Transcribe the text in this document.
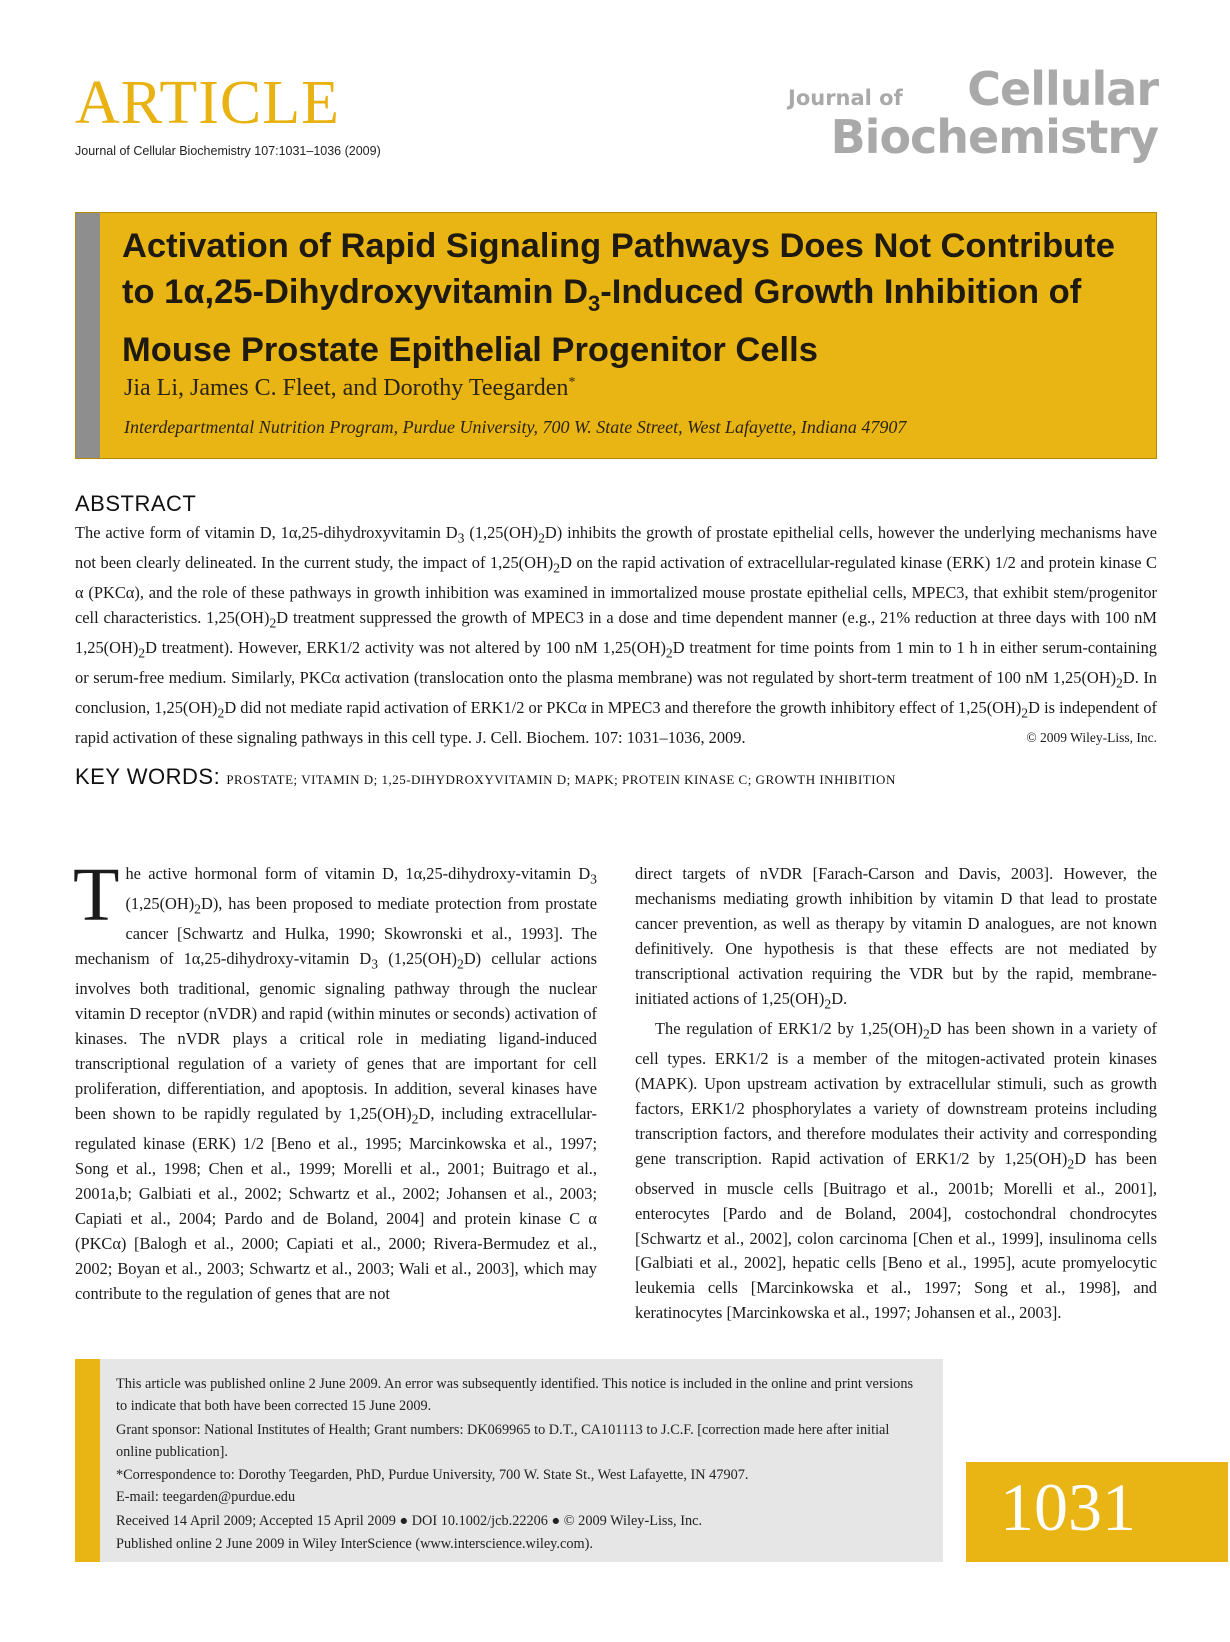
ARTICLE
Journal of Cellular Biochemistry 107:1031–1036 (2009)
Journal of Cellular
Biochemistry
Activation of Rapid Signaling Pathways Does Not Contribute
to 1α,25-Dihydroxyvitamin $D_3$-Induced Growth Inhibition of
Mouse Prostate Epithelial Progenitor Cells
Jia Li, James C. Fleet, and Dorothy Teegarden*
Interdepartmental Nutrition Program, Purdue University, 700 W. State Street, West Lafayette, Indiana 47907
ABSTRACT
The active form of vitamin D, 1α,25-dihydroxyvitamin $D_3$ $(1,25(OH)_2D)$ inhibits the growth of prostate epithelial cells, however the underlying mechanisms have not been clearly delineated. In the current study, the impact of $1,25(OH)_2D$ on the rapid activation of extracellular-regulated kinase (ERK) 1/2 and protein kinase C α (PKCα), and the role of these pathways in growth inhibition was examined in immortalized mouse prostate epithelial cells, MPEC3, that exhibit stem/progenitor cell characteristics. $1,25(OH)_2D$ treatment suppressed the growth of MPEC3 in a dose and time dependent manner (e.g., 21% reduction at three days with 100 nM $1,25(OH)_2D$ treatment). However, ERK1/2 activity was not altered by 100 nM $1,25(OH)_2D$ treatment for time points from 1 min to 1 h in either serum-containing or serum-free medium. Similarly, PKCα activation (translocation onto the plasma membrane) was not regulated by short-term treatment of 100 nM $1,25(OH)_2D$. In conclusion, $1,25(OH)_2D$ did not mediate rapid activation of ERK1/2 or PKCα in MPEC3 and therefore the growth inhibitory effect of $1,25(OH)_2D$ is independent of rapid activation of these signaling pathways in this cell type. J. Cell. Biochem. 107: 1031–1036, 2009.	© 2009 Wiley-Liss, Inc.
KEY WORDS: PROSTATE; VITAMIN D; 1,25-DIHYDROXYVITAMIN D; MAPK; PROTEIN KINASE C; GROWTH INHIBITION

The active hormonal form of vitamin D, 1α,25-dihydroxy-vitamin $D_3$ $(1,25(OH)_2D)$, has been proposed to mediate protection from prostate cancer [Schwartz and Hulka, 1990; Skowronski et al., 1993]. The mechanism of 1α,25-dihydroxy-vitamin $D_3$ $(1,25(OH)_2D)$ cellular actions involves both traditional, genomic signaling pathway through the nuclear vitamin D receptor (nVDR) and rapid (within minutes or seconds) activation of kinases. The nVDR plays a critical role in mediating ligand-induced transcriptional regulation of a variety of genes that are important for cell proliferation, differentiation, and apoptosis. In addition, several kinases have been shown to be rapidly regulated by $1,25(OH)_2D$, including extracellular-regulated kinase (ERK) 1/2 [Beno et al., 1995; Marcinkowska et al., 1997; Song et al., 1998; Chen et al., 1999; Morelli et al., 2001; Buitrago et al., 2001a,b; Galbiati et al., 2002; Schwartz et al., 2002; Johansen et al., 2003; Capiati et al., 2004; Pardo and de Boland, 2004] and protein kinase C α (PKCα) [Balogh et al., 2000; Capiati et al., 2000; Rivera-Bermudez et al., 2002; Boyan et al., 2003; Schwartz et al., 2003; Wali et al., 2003], which may contribute to the regulation of genes that are not

direct targets of nVDR [Farach-Carson and Davis, 2003]. However, the mechanisms mediating growth inhibition by vitamin D that lead to prostate cancer prevention, as well as therapy by vitamin D analogues, are not known definitively. One hypothesis is that these effects are not mediated by transcriptional activation requiring the VDR but by the rapid, membrane-initiated actions of $1,25(OH)_2D$.

The regulation of ERK1/2 by $1,25(OH)_2D$ has been shown in a variety of cell types. ERK1/2 is a member of the mitogen-activated protein kinases (MAPK). Upon upstream activation by extracellular stimuli, such as growth factors, ERK1/2 phosphorylates a variety of downstream proteins including transcription factors, and therefore modulates their activity and corresponding gene transcription. Rapid activation of ERK1/2 by $1,25(OH)_2D$ has been observed in muscle cells [Buitrago et al., 2001b; Morelli et al., 2001], enterocytes [Pardo and de Boland, 2004], costochondral chondrocytes [Schwartz et al., 2002], colon carcinoma [Chen et al., 1999], insulinoma cells [Galbiati et al., 2002], hepatic cells [Beno et al., 1995], acute promyelocytic leukemia cells [Marcinkowska et al., 1997; Song et al., 1998], and keratinocytes [Marcinkowska et al., 1997; Johansen et al., 2003].

This article was published online 2 June 2009. An error was subsequently identified. This notice is included in the online and print versions to indicate that both have been corrected 15 June 2009.

Grant sponsor: National Institutes of Health; Grant numbers: DK069965 to D.T., CA101113 to J.C.F. [correction made here after initial online publication].

*Correspondence to: Dorothy Teegarden, PhD, Purdue University, 700 W. State St., West Lafayette, IN 47907.
E-mail: teegarden@purdue.edu

Received 14 April 2009; Accepted 15 April 2009 ● DOI 10.1002/jcb.22206 ● © 2009 Wiley-Liss, Inc.

Published online 2 June 2009 in Wiley InterScience (www.interscience.wiley.com).	1031
